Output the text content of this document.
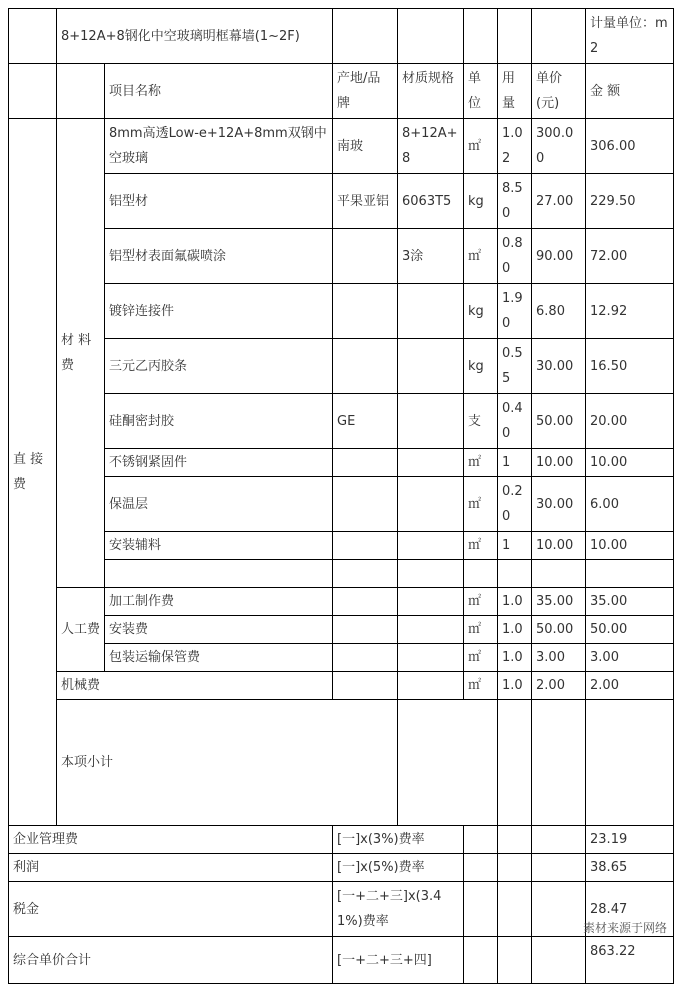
	8+12A+8钢化中空玻璃明框幕墙(1~2F)							计量单位：m2	
		项目名称	产地/品牌	材质规格	单位	用量	单价(元)	金 额	
直 接 费	材 料 费	8mm高透Low-e+12A+8mm双钢中空玻璃	南玻	8+12A+8	㎡	1.02	300.00	306.00	
		铝型材	平果亚铝	6063T5	kg	8.50	27.00	229.50	
		铝型材表面氟碳喷涂		3涂	㎡	0.80	90.00	72.00	
		镀锌连接件			kg	1.90	6.80	12.92	
		三元乙丙胶条			kg	0.55	30.00	16.50	
		硅酮密封胶	GE		支	0.40	50.00	20.00	
		不锈钢紧固件			㎡	1	10.00	10.00	
		保温层			㎡	0.20	30.00	6.00	
		安装辅料			㎡	1	10.00	10.00	

	人工费	加工制作费			㎡	1.0	35.00	35.00	
		安装费			㎡	1.0	50.00	50.00	
		包装运输保管费			㎡	1.0	3.00	3.00	
	机械费				㎡	1.0	2.00	2.00	
	本项小计					
企业管理费			[一]x(3%)费率					23.19	
利润			[一]x(5%)费率					38.65	
税金			[一+二+三]x(3.41%)费率					28.47	
综合单价合计			[一+二+三+四]					863.22	
素材来源于网络
